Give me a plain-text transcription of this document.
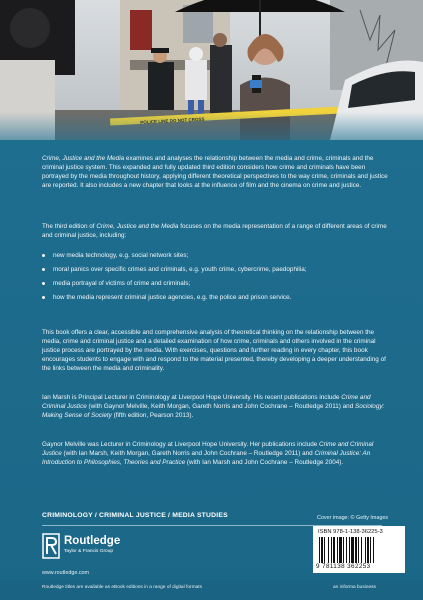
Crime, Justice and the Media examines and analyses the relationship between the media and crime, criminals and the criminal justice system. This expanded and fully updated third edition considers how crime and criminals have been portrayed by the media throughout history, applying different theoretical perspectives to the way crime, criminals and justice are reported. It also includes a new chapter that looks at the influence of film and the cinema on crime and justice.

The third edition of Crime, Justice and the Media focuses on the media representation of a range of different areas of crime and criminal justice, including:

new media technology, e.g. social network sites;
moral panics over specific crimes and criminals, e.g. youth crime, cybercrime, paedophilia;
media portrayal of victims of crime and criminals;
how the media represent criminal justice agencies, e.g. the police and prison service.

This book offers a clear, accessible and comprehensive analysis of theoretical thinking on the relationship between the media, crime and criminal justice and a detailed examination of how crime, criminals and others involved in the criminal justice process are portrayed by the media. With exercises, questions and further reading in every chapter, this book encourages students to engage with and respond to the material presented, thereby developing a deeper understanding of the links between the media and criminality.

Ian Marsh is Principal Lecturer in Criminology at Liverpool Hope University. His recent publications include Crime and Criminal Justice (with Gaynor Melville, Keith Morgan, Gareth Norris and John Cochrane – Routledge 2011) and Sociology: Making Sense of Society (fifth edition, Pearson 2013).

Gaynor Melville was Lecturer in Criminology at Liverpool Hope University. Her publications include Crime and Criminal Justice (with Ian Marsh, Keith Morgan, Gareth Norris and John Cochrane – Routledge 2011) and Criminal Justice: An Introduction to Philosophies, Theories and Practice (with Ian Marsh and John Cochrane – Routledge 2004).

CRIMINOLOGY / CRIMINAL JUSTICE / MEDIA STUDIES	Cover image: © Getty Images
Routledge
Taylor & Francis Group
www.routledge.com
ISBN 978-1-138-36225-3
9 781138 362253
Routledge titles are available as eBook editions in a range of digital formats	an informa business
